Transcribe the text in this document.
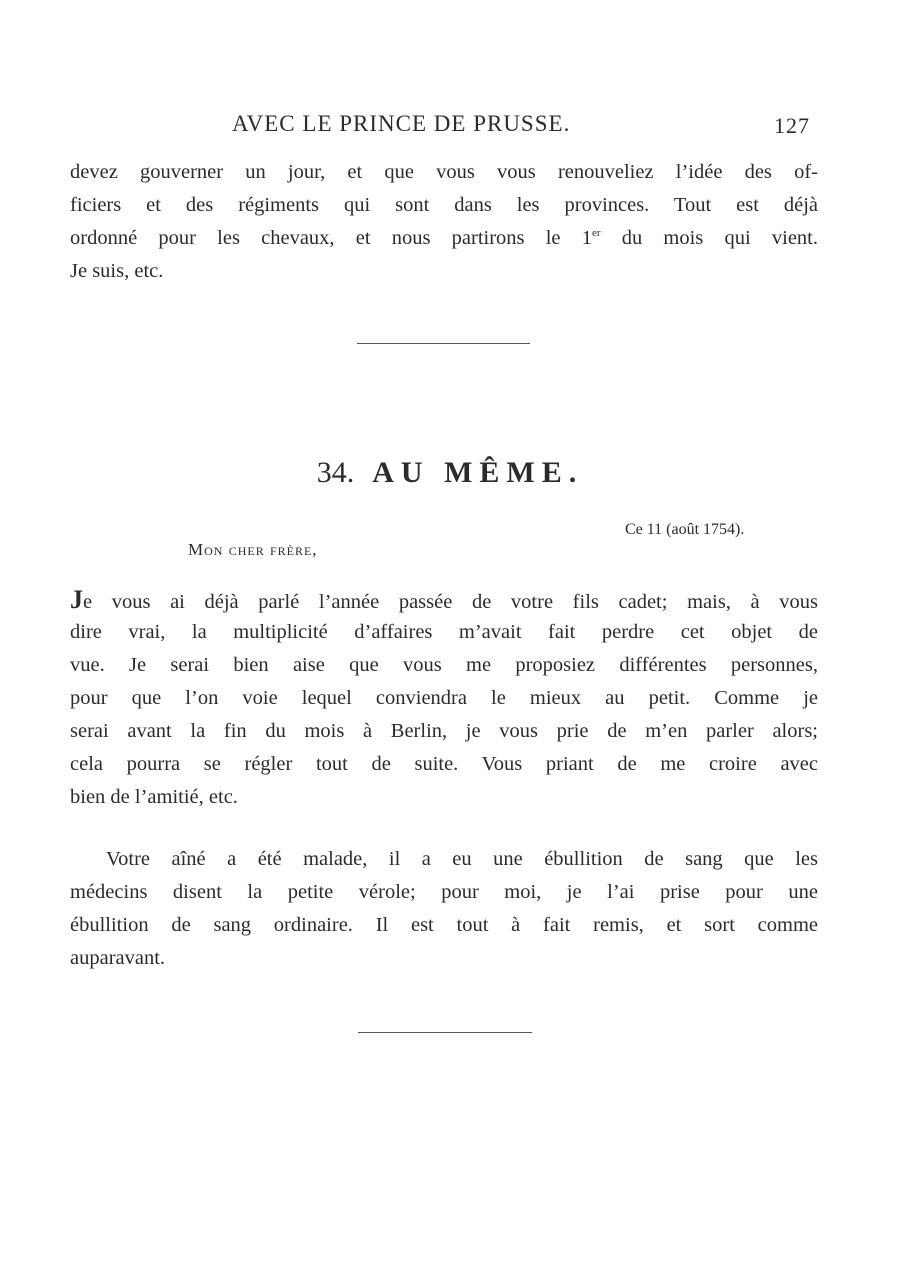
AVEC LE PRINCE DE PRUSSE.	127
devez gouverner un jour, et que vous vous renouveliez l’idée des of-
ficiers et des régiments qui sont dans les provinces. Tout est déjà
ordonné pour les chevaux, et nous partirons le 1er du mois qui vient.
Je suis, etc.
34. AU MÊME.
Ce 11 (août 1754).
Mon cher frère,
Je vous ai déjà parlé l’année passée de votre fils cadet; mais, à vous
dire vrai, la multiplicité d’affaires m’avait fait perdre cet objet de
vue. Je serai bien aise que vous me proposiez différentes personnes,
pour que l’on voie lequel conviendra le mieux au petit. Comme je
serai avant la fin du mois à Berlin, je vous prie de m’en parler alors;
cela pourra se régler tout de suite. Vous priant de me croire avec
bien de l’amitié, etc.
Votre aîné a été malade, il a eu une ébullition de sang que les
médecins disent la petite vérole; pour moi, je l’ai prise pour une
ébullition de sang ordinaire. Il est tout à fait remis, et sort comme
auparavant.
